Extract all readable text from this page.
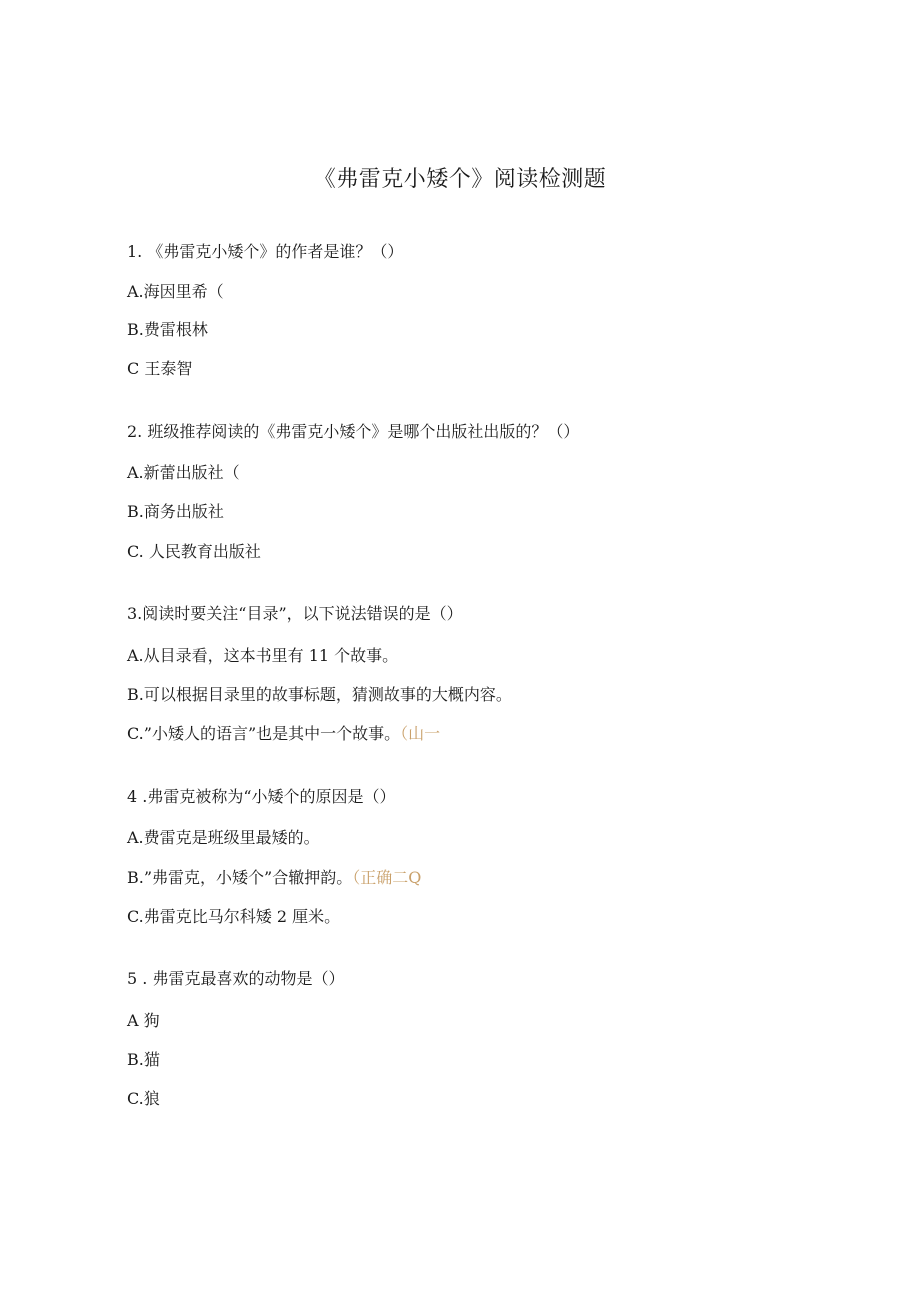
《弗雷克小矮个》阅读检测题
1. 《弗雷克小矮个》的作者是谁？（）
A.海因里希（
B.费雷根林
C 王泰智
2. 班级推荐阅读的《弗雷克小矮个》是哪个出版社出版的？（）
A.新蕾出版社（
B.商务出版社
C. 人民教育出版社
3.阅读时要关注“目录”，以下说法错误的是（）
A.从目录看，这本书里有 11 个故事。
B.可以根据目录里的故事标题，猜测故事的大概内容。
C.”小矮人的语言”也是其中一个故事。（山一
4 .弗雷克被称为“小矮个的原因是（）
A.费雷克是班级里最矮的。
B.”弗雷克，小矮个”合辙押韵。（正确二Q
C.弗雷克比马尔科矮 2 厘米。
5 . 弗雷克最喜欢的动物是（）
A 狗
B.猫
C.狼
